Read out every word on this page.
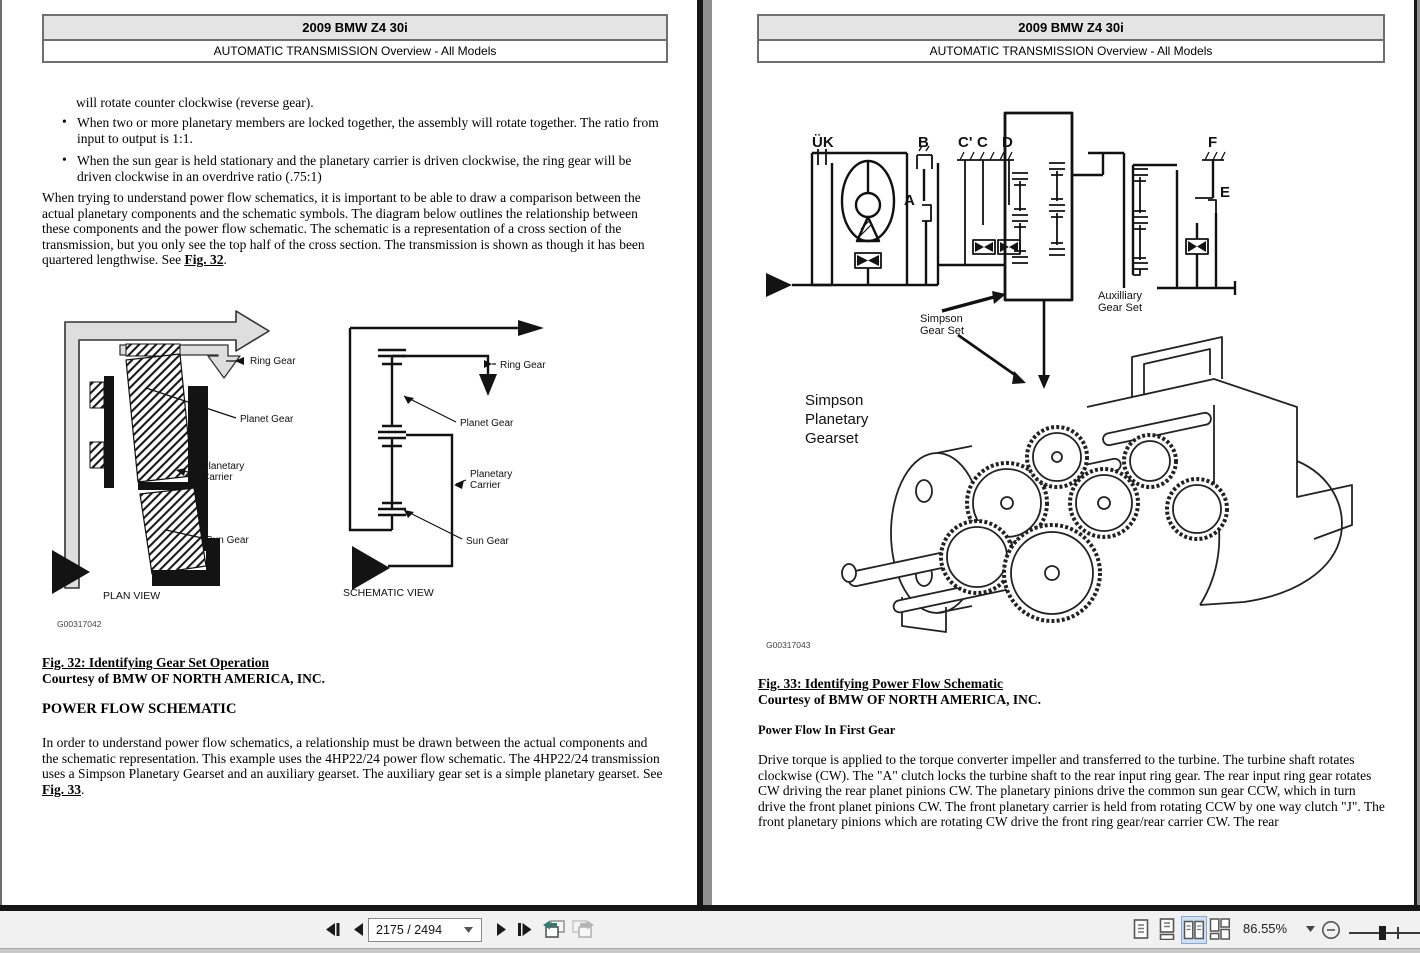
2009 BMW Z4 30i
AUTOMATIC TRANSMISSION Overview - All Models
will rotate counter clockwise (reverse gear).
• When two or more planetary members are locked together, the assembly will rotate together. The ratio from input to output is 1:1.
• When the sun gear is held stationary and the planetary carrier is driven clockwise, the ring gear will be driven clockwise in an overdrive ratio (.75:1)

When trying to understand power flow schematics, it is important to be able to draw a comparison between the actual planetary components and the schematic symbols. The diagram below outlines the relationship between these components and the power flow schematic. The schematic is a representation of a cross section of the transmission, but you only see the top half of the cross section. The transmission is shown as though it has been quartered lengthwise. See Fig. 32.

Ring Gear
Planet Gear
Planetary
Carrier
Sun Gear
PLAN VIEW
G00317042
Ring Gear
Planet Gear
Planetary
Carrier
Sun Gear
SCHEMATIC VIEW
Fig. 32: Identifying Gear Set Operation
Courtesy of BMW OF NORTH AMERICA, INC.
POWER FLOW SCHEMATIC

In order to understand power flow schematics, a relationship must be drawn between the actual components and the schematic representation. This example uses the 4HP22/24 power flow schematic. The 4HP22/24 transmission uses a Simpson Planetary Gearset and an auxiliary gearset. The auxiliary gear set is a simple planetary gearset. See Fig. 33.

2009 BMW Z4 30i
AUTOMATIC TRANSMISSION Overview - All Models
ÜK	B C' C D
A
F
E
Auxilliary
Gear Set
Simpson
Gear Set
Simpson
Planetary
Gearset
G00317043
Fig. 33: Identifying Power Flow Schematic
Courtesy of BMW OF NORTH AMERICA, INC.
Power Flow In First Gear

Drive torque is applied to the torque converter impeller and transferred to the turbine. The turbine shaft rotates clockwise (CW). The "A" clutch locks the turbine shaft to the rear input ring gear. The rear input ring gear rotates CW driving the rear planet pinions CW. The planetary pinions drive the common sun gear CCW, which in turn drive the front planet pinions CW. The front planetary carrier is held from rotating CCW by one way clutch "J". The front planetary pinions which are rotating CW drive the front ring gear/rear carrier CW. The rear

2175 / 2494
86.55%
